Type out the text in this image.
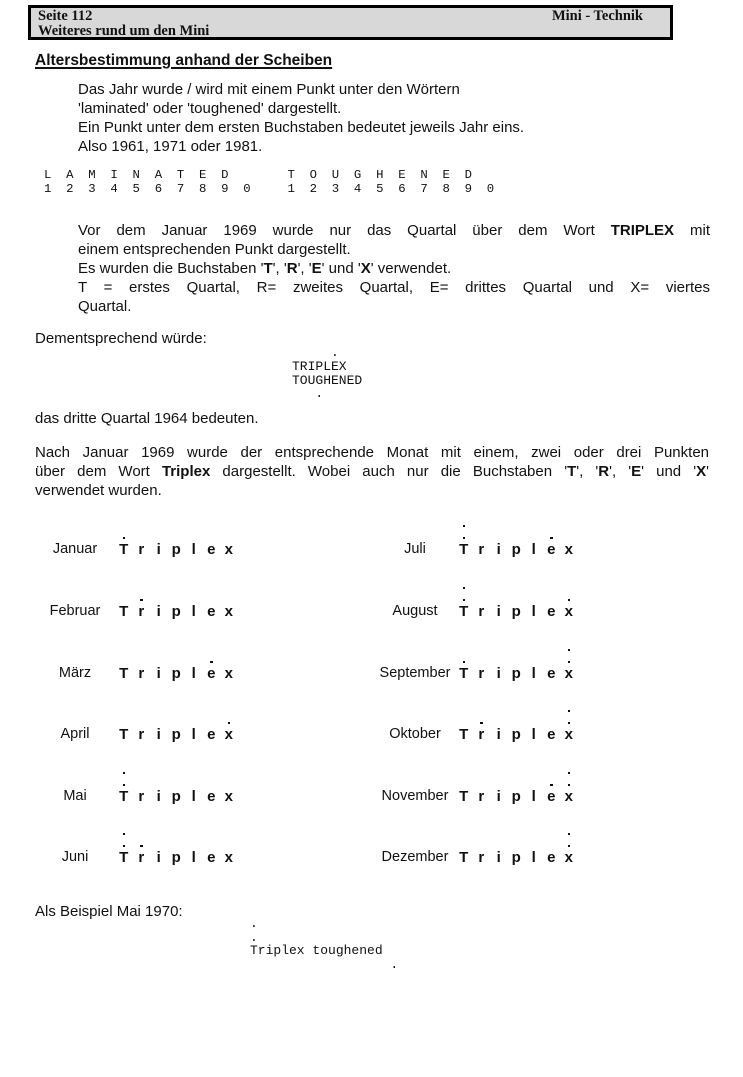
Seite 112	Mini - Technik
Weiteres rund um den Mini
Altersbestimmung anhand der Scheiben
Das Jahr wurde / wird mit einem Punkt unter den Wörtern
'laminated' oder 'toughened' dargestellt.
Ein Punkt unter dem ersten Buchstaben bedeutet jeweils Jahr eins.
Also 1961, 1971 oder 1981.
L  A  M  I  N  A  T  E  D        T  O  U  G  H  E  N  E  D
1  2  3  4  5  6  7  8  9  0     1  2  3  4  5  6  7  8  9  0
Vor dem Januar 1969 wurde nur das Quartal über dem Wort TRIPLEX mit
einem entsprechenden Punkt dargestellt.
Es wurden die Buchstaben 'T', 'R', 'E' und 'X' verwendet.
T = erstes Quartal, R= zweites Quartal, E= drittes Quartal und X= viertes
Quartal.
Dementsprechend würde:
.
TRIPLEX
TOUGHENED
.
das dritte Quartal 1964 bedeuten.
Nach Januar 1969 wurde der entsprechende Monat mit einem, zwei oder drei Punkten
über dem Wort Triplex dargestellt. Wobei auch nur die Buchstaben 'T', 'R', 'E' und 'X'
verwendet wurden.
Januar	T r i p l e x
Februar	T r i p l e x
März	T r i p l e x
April	T r i p l e x
Mai	T r i p l e x
Juni	T r i p l e x
Juli	T r i p l e x
August	T r i p l e x
September T r i p l e x
Oktober	T r i p l e x
November T r i p l e x
Dezember T r i p l e x
Als Beispiel Mai 1970:
.
.
Triplex toughened
.
